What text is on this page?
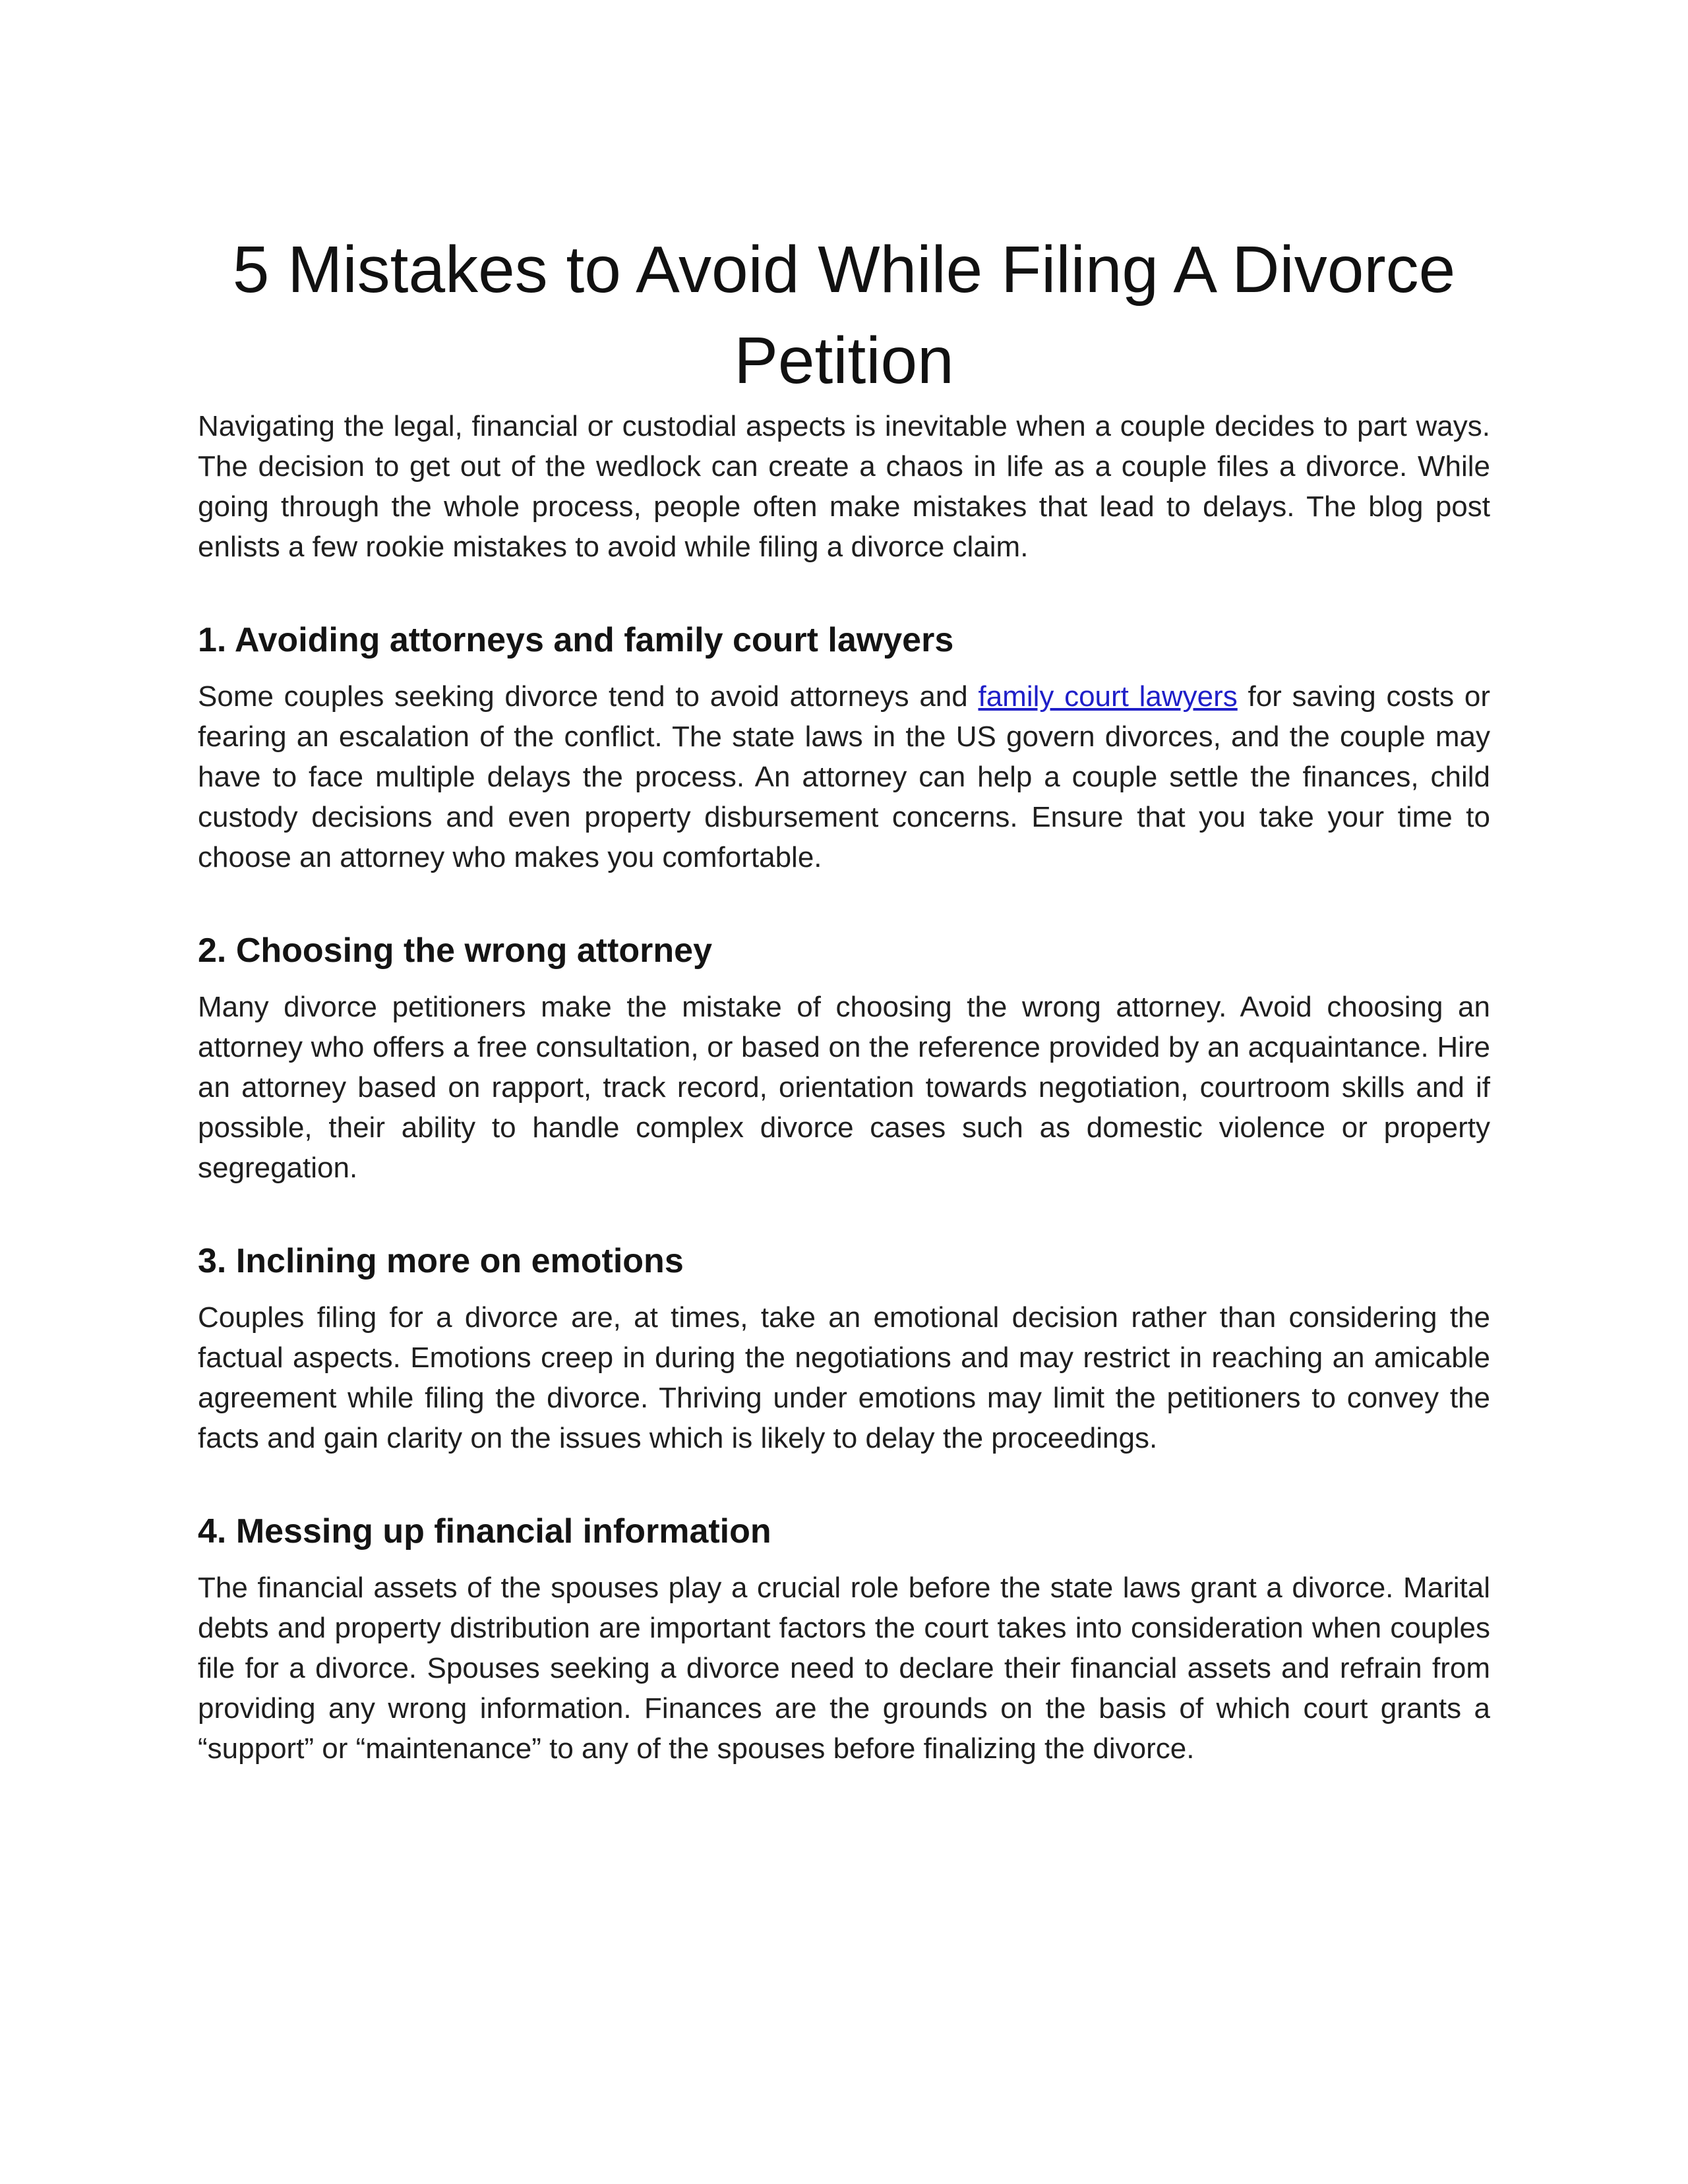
5 Mistakes to Avoid While Filing A Divorce Petition

Navigating the legal, financial or custodial aspects is inevitable when a couple decides to part ways. The decision to get out of the wedlock can create a chaos in life as a couple files a divorce. While going through the whole process, people often make mistakes that lead to delays. The blog post enlists a few rookie mistakes to avoid while filing a divorce claim.

1. Avoiding attorneys and family court lawyers

Some couples seeking divorce tend to avoid attorneys and family court lawyers for saving costs or fearing an escalation of the conflict. The state laws in the US govern divorces, and the couple may have to face multiple delays the process. An attorney can help a couple settle the finances, child custody decisions and even property disbursement concerns. Ensure that you take your time to choose an attorney who makes you comfortable.

2. Choosing the wrong attorney

Many divorce petitioners make the mistake of choosing the wrong attorney. Avoid choosing an attorney who offers a free consultation, or based on the reference provided by an acquaintance. Hire an attorney based on rapport, track record, orientation towards negotiation, courtroom skills and if possible, their ability to handle complex divorce cases such as domestic violence or property segregation.

3. Inclining more on emotions

Couples filing for a divorce are, at times, take an emotional decision rather than considering the factual aspects. Emotions creep in during the negotiations and may restrict in reaching an amicable agreement while filing the divorce. Thriving under emotions may limit the petitioners to convey the facts and gain clarity on the issues which is likely to delay the proceedings.

4. Messing up financial information

The financial assets of the spouses play a crucial role before the state laws grant a divorce. Marital debts and property distribution are important factors the court takes into consideration when couples file for a divorce. Spouses seeking a divorce need to declare their financial assets and refrain from providing any wrong information. Finances are the grounds on the basis of which court grants a “support” or “maintenance” to any of the spouses before finalizing the divorce.
